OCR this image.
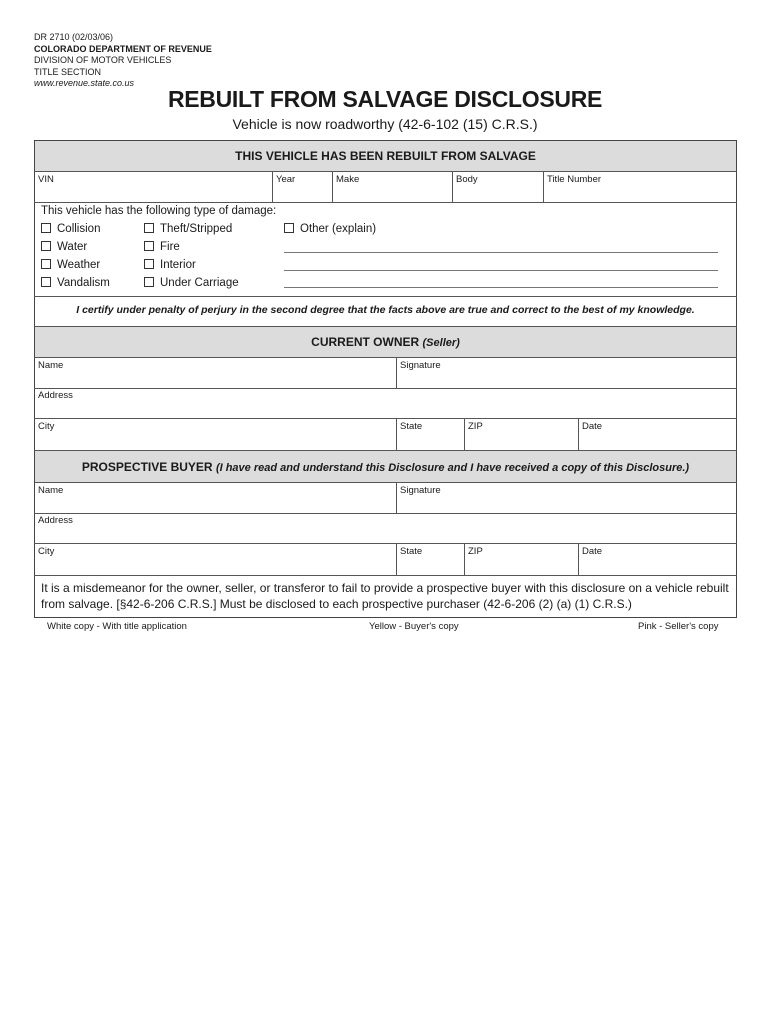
DR 2710 (02/03/06)
COLORADO DEPARTMENT OF REVENUE
DIVISION OF MOTOR VEHICLES
TITLE SECTION
www.revenue.state.co.us
REBUILT FROM SALVAGE DISCLOSURE
Vehicle is now roadworthy (42-6-102 (15) C.R.S.)
THIS VEHICLE HAS BEEN REBUILT FROM SALVAGE
VIN	Year	Make	Body	Title Number
This vehicle has the following type of damage:
Collision
Water
Weather
Vandalism
Theft/Stripped
Fire
Interior
Under Carriage
Other (explain)
I certify under penalty of perjury in the second degree that the facts above are true and correct to the best of my knowledge.
CURRENT OWNER (Seller)
Name	Signature
Address
City	State	ZIP	Date
PROSPECTIVE BUYER (I have read and understand this Disclosure and I have received a copy of this Disclosure.)
Name	Signature
Address
City	State	ZIP	Date
It is a misdemeanor for the owner, seller, or transferor to fail to provide a prospective buyer with this disclosure on a vehicle rebuilt from salvage. [§42-6-206 C.R.S.] Must be disclosed to each prospective purchaser (42-6-206 (2) (a) (1) C.R.S.)
White copy - With title application	Yellow - Buyer's copy	Pink - Seller's copy
